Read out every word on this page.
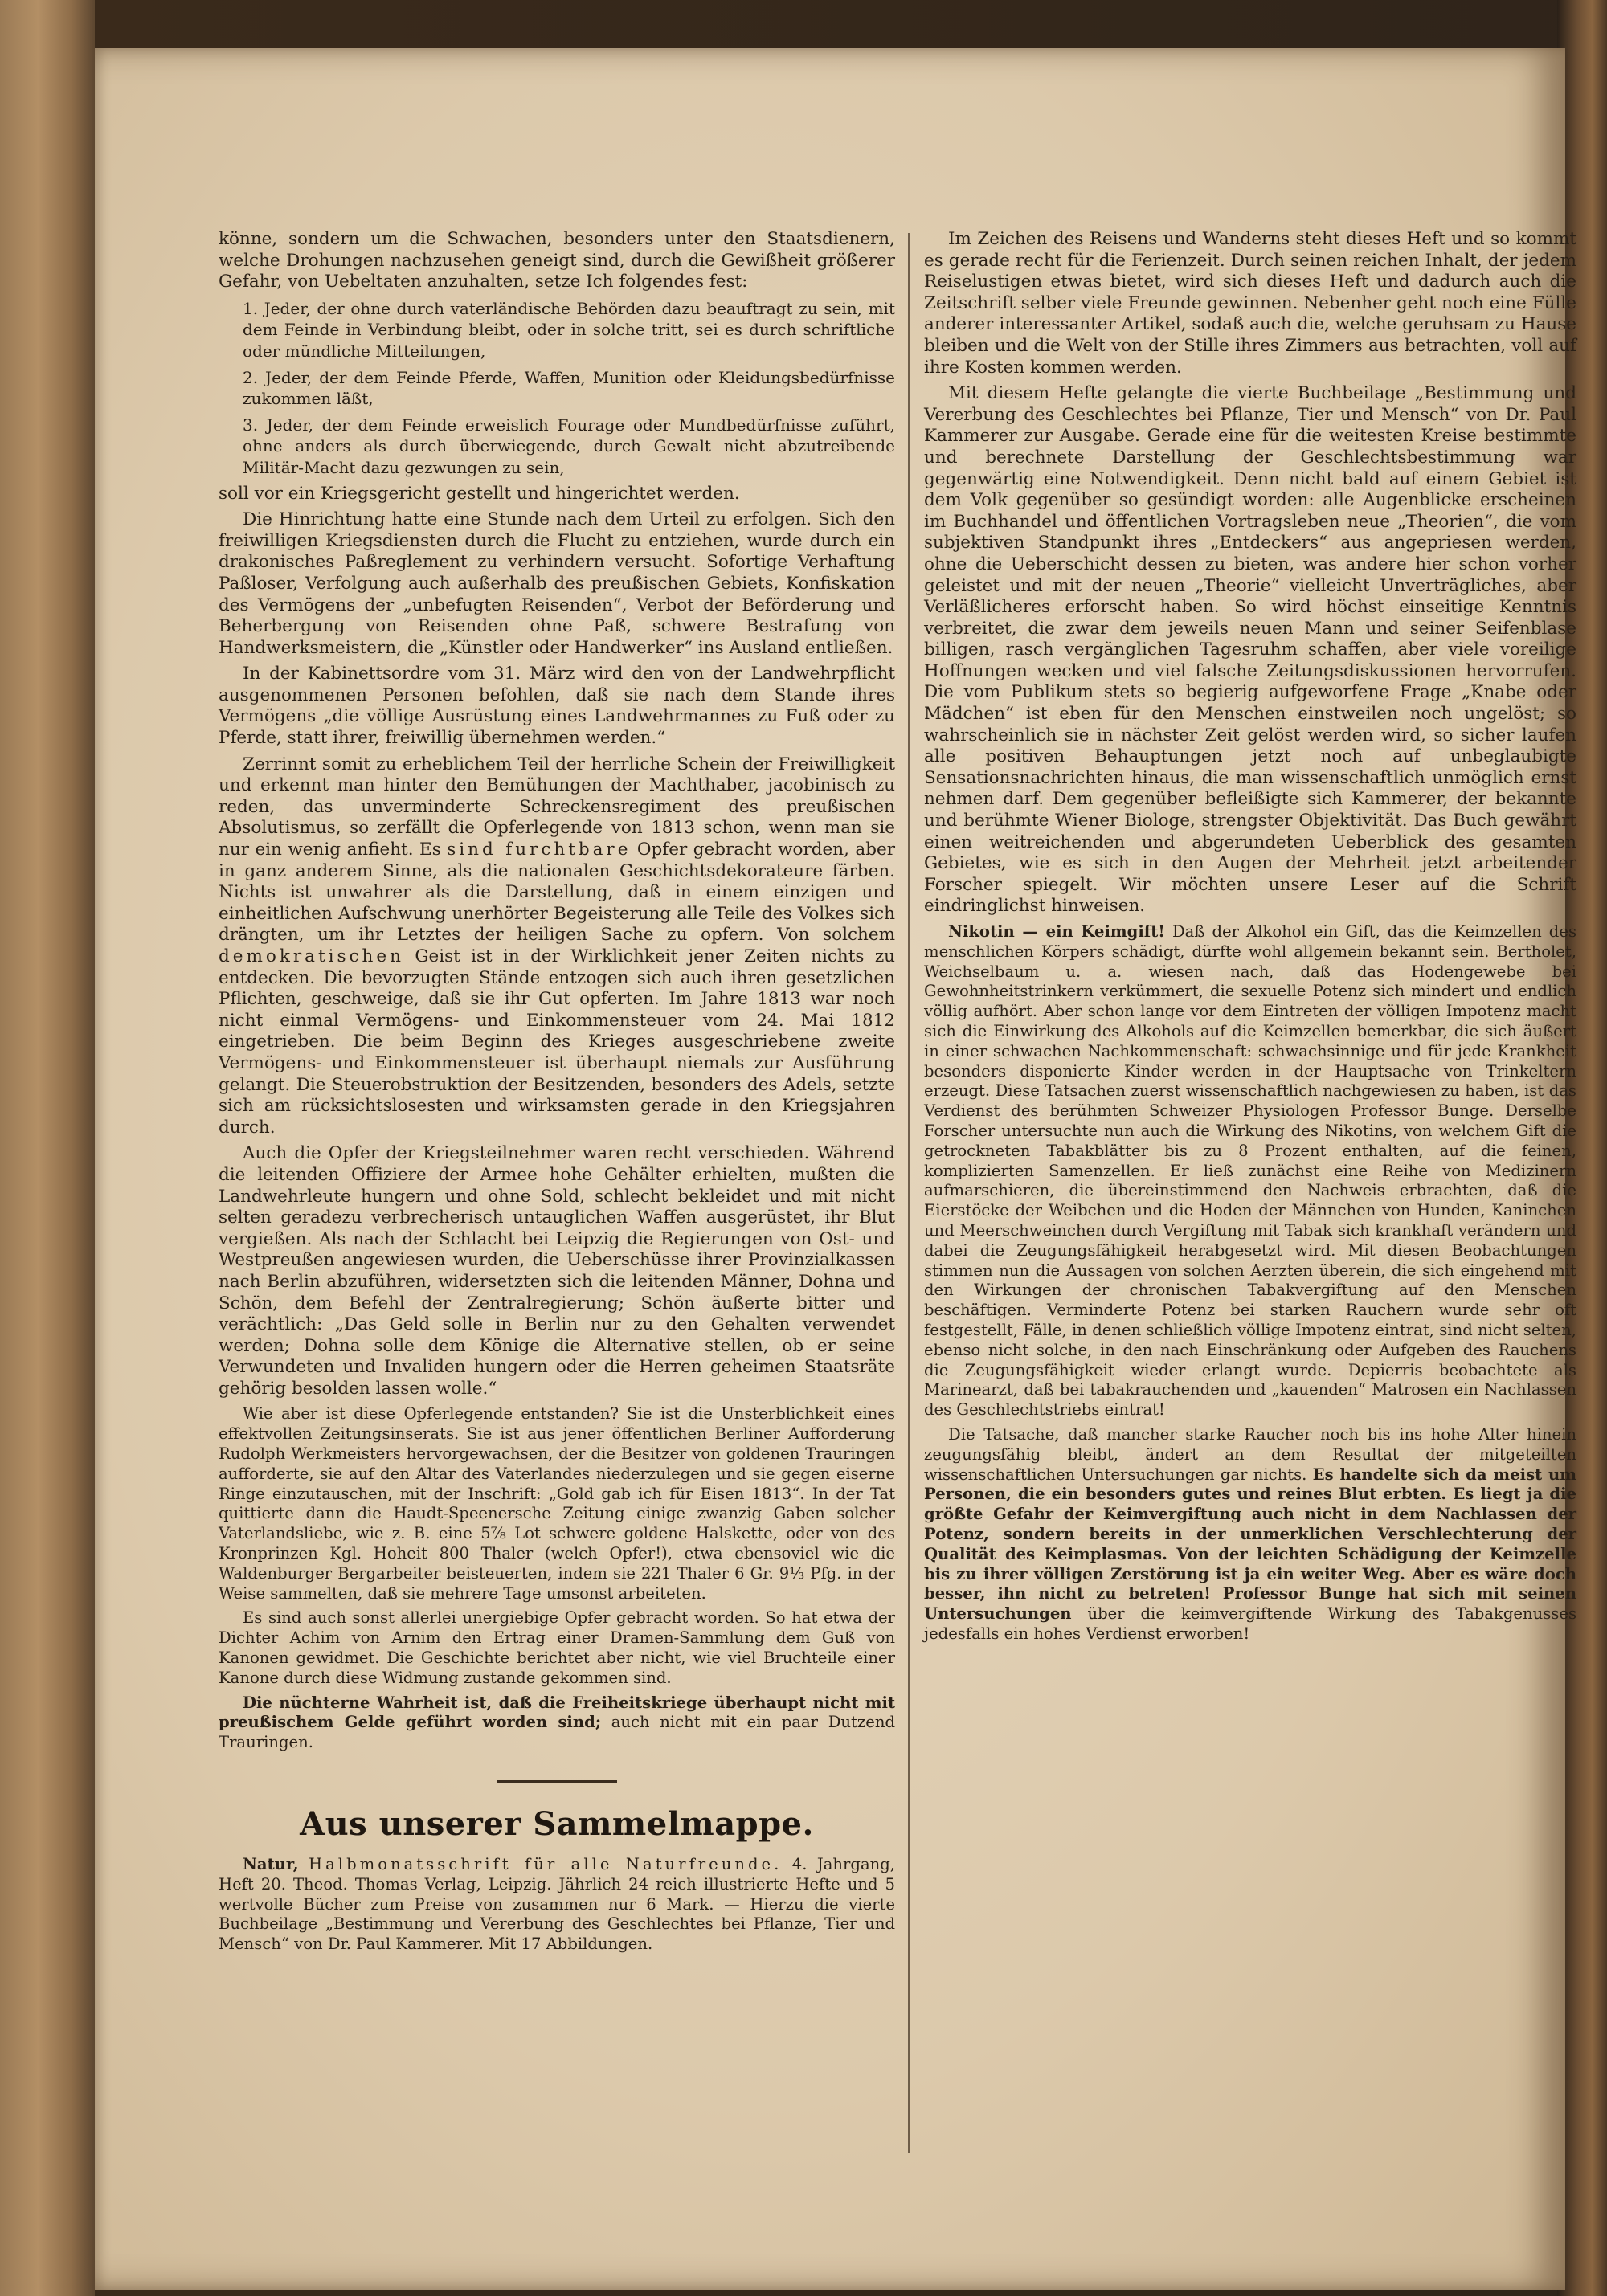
könne, sondern um die Schwachen, besonders unter den Staatsdienern, welche Drohungen nachzusehen geneigt sind, durch die Gewißheit größerer Gefahr, von Uebeltaten anzuhalten, setze Ich folgendes fest:

1. Jeder, der ohne durch vaterländische Behörden dazu beauftragt zu sein, mit dem Feinde in Verbindung bleibt, oder in solche tritt, sei es durch schriftliche oder mündliche Mitteilungen,

2. Jeder, der dem Feinde Pferde, Waffen, Munition oder Kleidungsbedürfnisse zukommen läßt,

3. Jeder, der dem Feinde erweislich Fourage oder Mundbedürfnisse zuführt, ohne anders als durch überwiegende, durch Gewalt nicht abzutreibende Militär-Macht dazu gezwungen zu sein,

soll vor ein Kriegsgericht gestellt und hingerichtet werden.

Die Hinrichtung hatte eine Stunde nach dem Urteil zu erfolgen. Sich den freiwilligen Kriegsdiensten durch die Flucht zu entziehen, wurde durch ein drakonisches Paßreglement zu verhindern versucht. Sofortige Verhaftung Paßloser, Verfolgung auch außerhalb des preußischen Gebiets, Konfiskation des Vermögens der „unbefugten Reisenden“, Verbot der Beförderung und Beherbergung von Reisenden ohne Paß, schwere Bestrafung von Handwerksmeistern, die „Künstler oder Handwerker“ ins Ausland entließen.

In der Kabinettsordre vom 31. März wird den von der Landwehrpflicht ausgenommenen Personen befohlen, daß sie nach dem Stande ihres Vermögens „die völlige Ausrüstung eines Landwehrmannes zu Fuß oder zu Pferde, statt ihrer, freiwillig übernehmen werden.“

Zerrinnt somit zu erheblichem Teil der herrliche Schein der Freiwilligkeit und erkennt man hinter den Bemühungen der Machthaber, jacobinisch zu reden, das unverminderte Schreckensregiment des preußischen Absolutismus, so zerfällt die Opferlegende von 1813 schon, wenn man sie nur ein wenig anfieht. Es sind furchtbare Opfer gebracht worden, aber in ganz anderem Sinne, als die nationalen Geschichtsdekorateure färben. Nichts ist unwahrer als die Darstellung, daß in einem einzigen und einheitlichen Aufschwung unerhörter Begeisterung alle Teile des Volkes sich drängten, um ihr Letztes der heiligen Sache zu opfern. Von solchem demokratischen Geist ist in der Wirklichkeit jener Zeiten nichts zu entdecken. Die bevorzugten Stände entzogen sich auch ihren gesetzlichen Pflichten, geschweige, daß sie ihr Gut opferten. Im Jahre 1813 war noch nicht einmal Vermögens- und Einkommensteuer vom 24. Mai 1812 eingetrieben. Die beim Beginn des Krieges ausgeschriebene zweite Vermögens- und Einkommensteuer ist überhaupt niemals zur Ausführung gelangt. Die Steuerobstruktion der Besitzenden, besonders des Adels, setzte sich am rücksichtslosesten und wirksamsten gerade in den Kriegsjahren durch.

Auch die Opfer der Kriegsteilnehmer waren recht verschieden. Während die leitenden Offiziere der Armee hohe Gehälter erhielten, mußten die Landwehrleute hungern und ohne Sold, schlecht bekleidet und mit nicht selten geradezu verbrecherisch untauglichen Waffen ausgerüstet, ihr Blut vergießen. Als nach der Schlacht bei Leipzig die Regierungen von Ost- und Westpreußen angewiesen wurden, die Ueberschüsse ihrer Provinzialkassen nach Berlin abzuführen, widersetzten sich die leitenden Männer, Dohna und Schön, dem Befehl der Zentralregierung; Schön äußerte bitter und verächtlich: „Das Geld solle in Berlin nur zu den Gehalten verwendet werden; Dohna solle dem Könige die Alternative stellen, ob er seine Verwundeten und Invaliden hungern oder die Herren geheimen Staatsräte gehörig besolden lassen wolle.“

Wie aber ist diese Opferlegende entstanden? Sie ist die Unsterblichkeit eines effektvollen Zeitungsinserats. Sie ist aus jener öffentlichen Berliner Aufforderung Rudolph Werkmeisters hervorgewachsen, der die Besitzer von goldenen Trauringen aufforderte, sie auf den Altar des Vaterlandes niederzulegen und sie gegen eiserne Ringe einzutauschen, mit der Inschrift: „Gold gab ich für Eisen 1813“. In der Tat quittierte dann die Haudt-Speenersche Zeitung einige zwanzig Gaben solcher Vaterlandsliebe, wie z. B. eine 5⅞ Lot schwere goldene Halskette, oder von des Kronprinzen Kgl. Hoheit 800 Thaler (welch Opfer!), etwa ebensoviel wie die Waldenburger Bergarbeiter beisteuerten, indem sie 221 Thaler 6 Gr. 9⅓ Pfg. in der Weise sammelten, daß sie mehrere Tage umsonst arbeiteten.

Es sind auch sonst allerlei unergiebige Opfer gebracht worden. So hat etwa der Dichter Achim von Arnim den Ertrag einer Dramen-Sammlung dem Guß von Kanonen gewidmet. Die Geschichte berichtet aber nicht, wie viel Bruchteile einer Kanone durch diese Widmung zustande gekommen sind.

Die nüchterne Wahrheit ist, daß die Freiheitskriege überhaupt nicht mit preußischem Gelde geführt worden sind; auch nicht mit ein paar Dutzend Trauringen.

Aus unserer Sammelmappe.

Natur, Halbmonatsschrift für alle Naturfreunde. 4. Jahrgang, Heft 20. Theod. Thomas Verlag, Leipzig. Jährlich 24 reich illustrierte Hefte und 5 wertvolle Bücher zum Preise von zusammen nur 6 Mark. — Hierzu die vierte Buchbeilage „Bestimmung und Vererbung des Geschlechtes bei Pflanze, Tier und Mensch“ von Dr. Paul Kammerer. Mit 17 Abbildungen.

Im Zeichen des Reisens und Wanderns steht dieses Heft und so kommt es gerade recht für die Ferienzeit. Durch seinen reichen Inhalt, der jedem Reiselustigen etwas bietet, wird sich dieses Heft und dadurch auch die Zeitschrift selber viele Freunde gewinnen. Nebenher geht noch eine Fülle anderer interessanter Artikel, sodaß auch die, welche geruhsam zu Hause bleiben und die Welt von der Stille ihres Zimmers aus betrachten, voll auf ihre Kosten kommen werden.

Mit diesem Hefte gelangte die vierte Buchbeilage „Bestimmung und Vererbung des Geschlechtes bei Pflanze, Tier und Mensch“ von Dr. Paul Kammerer zur Ausgabe. Gerade eine für die weitesten Kreise bestimmte und berechnete Darstellung der Geschlechtsbestimmung war gegenwärtig eine Notwendigkeit. Denn nicht bald auf einem Gebiet ist dem Volk gegenüber so gesündigt worden: alle Augenblicke erscheinen im Buchhandel und öffentlichen Vortragsleben neue „Theorien“, die vom subjektiven Standpunkt ihres „Entdeckers“ aus angepriesen werden, ohne die Ueberschicht dessen zu bieten, was andere hier schon vorher geleistet und mit der neuen „Theorie“ vielleicht Unverträgliches, aber Verläßlicheres erforscht haben. So wird höchst einseitige Kenntnis verbreitet, die zwar dem jeweils neuen Mann und seiner Seifenblase billigen, rasch vergänglichen Tagesruhm schaffen, aber viele voreilige Hoffnungen wecken und viel falsche Zeitungsdiskussionen hervorrufen. Die vom Publikum stets so begierig aufgeworfene Frage „Knabe oder Mädchen“ ist eben für den Menschen einstweilen noch ungelöst; so wahrscheinlich sie in nächster Zeit gelöst werden wird, so sicher laufen alle positiven Behauptungen jetzt noch auf unbeglaubigte Sensationsnachrichten hinaus, die man wissenschaftlich unmöglich ernst nehmen darf. Dem gegenüber befleißigte sich Kammerer, der bekannte und berühmte Wiener Biologe, strengster Objektivität. Das Buch gewährt einen weitreichenden und abgerundeten Ueberblick des gesamten Gebietes, wie es sich in den Augen der Mehrheit jetzt arbeitender Forscher spiegelt. Wir möchten unsere Leser auf die Schrift eindringlichst hinweisen.

Nikotin — ein Keimgift! Daß der Alkohol ein Gift, das die Keimzellen des menschlichen Körpers schädigt, dürfte wohl allgemein bekannt sein. Bertholet, Weichselbaum u. a. wiesen nach, daß das Hodengewebe bei Gewohnheitstrinkern verkümmert, die sexuelle Potenz sich mindert und endlich völlig aufhört. Aber schon lange vor dem Eintreten der völligen Impotenz macht sich die Einwirkung des Alkohols auf die Keimzellen bemerkbar, die sich äußert in einer schwachen Nachkommenschaft: schwachsinnige und für jede Krankheit besonders disponierte Kinder werden in der Hauptsache von Trinkeltern erzeugt. Diese Tatsachen zuerst wissenschaftlich nachgewiesen zu haben, ist das Verdienst des berühmten Schweizer Physiologen Professor Bunge. Derselbe Forscher untersuchte nun auch die Wirkung des Nikotins, von welchem Gift die getrockneten Tabakblätter bis zu 8 Prozent enthalten, auf die feinen, komplizierten Samenzellen. Er ließ zunächst eine Reihe von Medizinern aufmarschieren, die übereinstimmend den Nachweis erbrachten, daß die Eierstöcke der Weibchen und die Hoden der Männchen von Hunden, Kaninchen und Meerschweinchen durch Vergiftung mit Tabak sich krankhaft verändern und dabei die Zeugungsfähigkeit herabgesetzt wird. Mit diesen Beobachtungen stimmen nun die Aussagen von solchen Aerzten überein, die sich eingehend mit den Wirkungen der chronischen Tabakvergiftung auf den Menschen beschäftigen. Verminderte Potenz bei starken Rauchern wurde sehr oft festgestellt, Fälle, in denen schließlich völlige Impotenz eintrat, sind nicht selten, ebenso nicht solche, in den nach Einschränkung oder Aufgeben des Rauchens die Zeugungsfähigkeit wieder erlangt wurde. Depierris beobachtete als Marinearzt, daß bei tabakrauchenden und „kauenden“ Matrosen ein Nachlassen des Geschlechtstriebs eintrat!

Die Tatsache, daß mancher starke Raucher noch bis ins hohe Alter hinein zeugungsfähig bleibt, ändert an dem Resultat der mitgeteilten wissenschaftlichen Untersuchungen gar nichts. Es handelte sich da meist um Personen, die ein besonders gutes und reines Blut erbten. Es liegt ja die größte Gefahr der Keimvergiftung auch nicht in dem Nachlassen der Potenz, sondern bereits in der unmerklichen Verschlechterung der Qualität des Keimplasmas. Von der leichten Schädigung der Keimzelle bis zu ihrer völligen Zerstörung ist ja ein weiter Weg. Aber es wäre doch besser, ihn nicht zu betreten! Professor Bunge hat sich mit seinen Untersuchungen über die keimvergiftende Wirkung des Tabakgenusses jedesfalls ein hohes Verdienst erworben!
